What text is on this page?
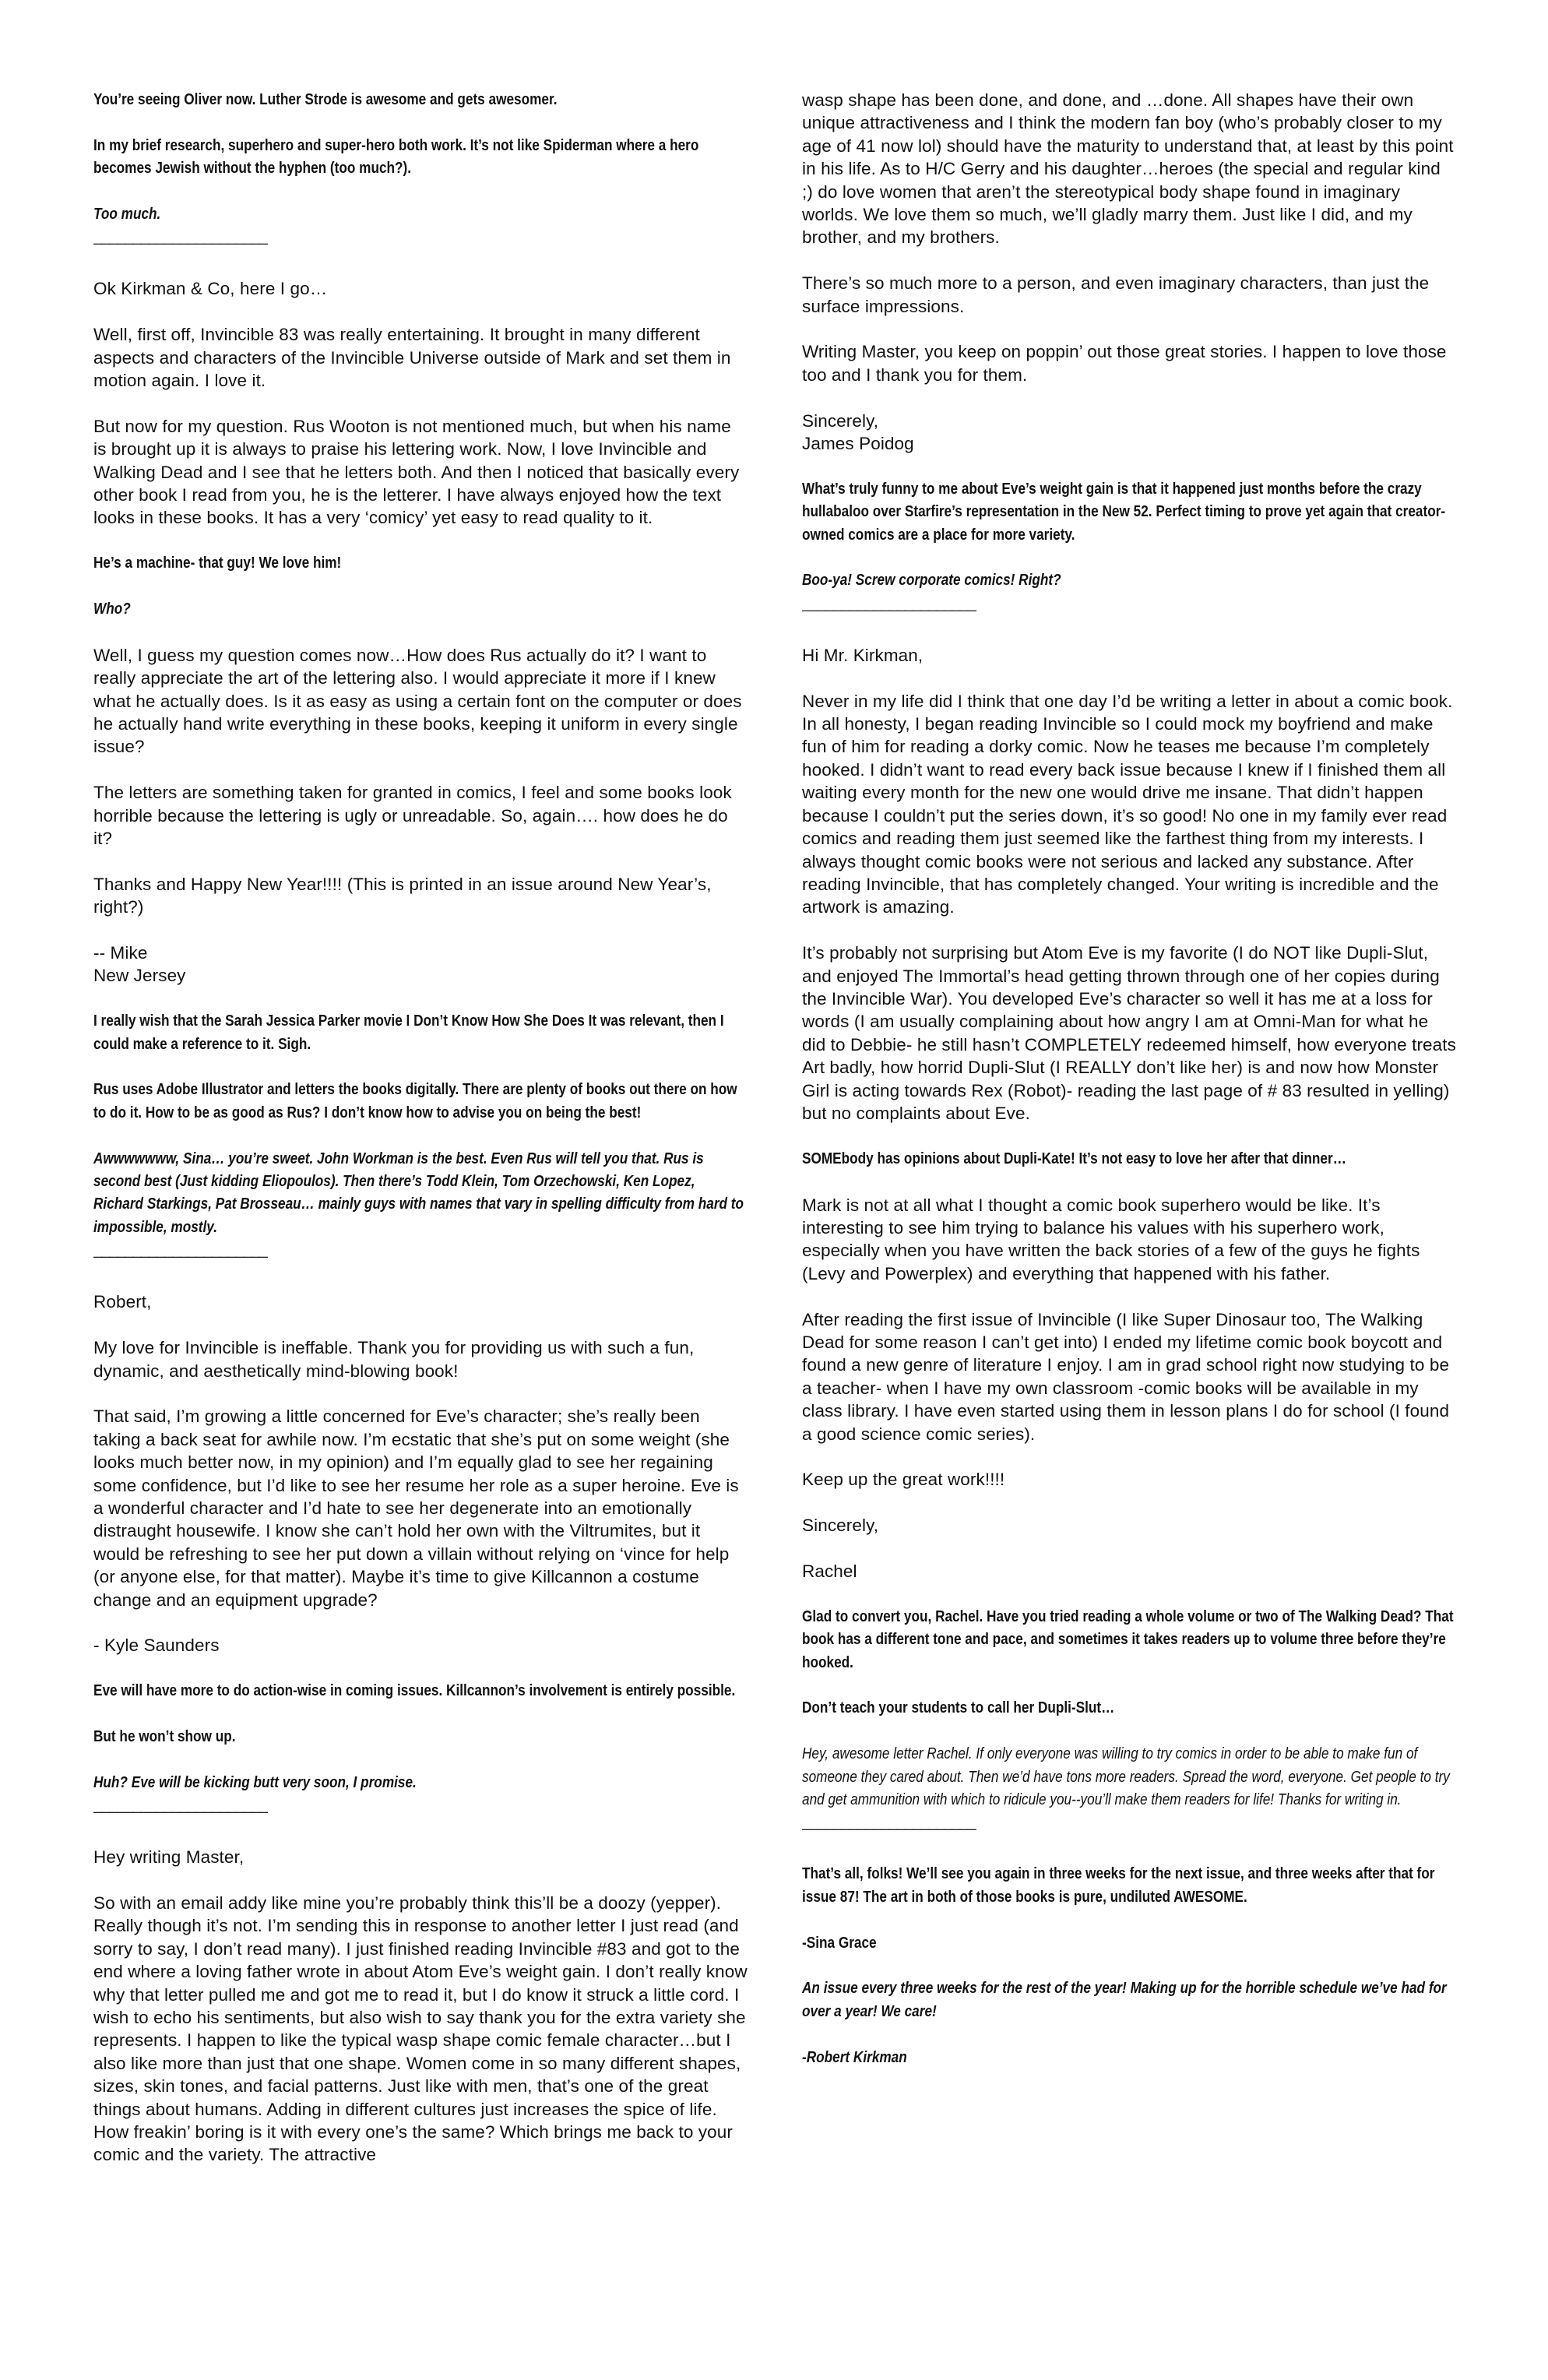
You’re seeing Oliver now. Luther Strode is awesome and gets awesomer.

In my brief research, superhero and super-hero both work. It’s not like Spiderman where a hero becomes Jewish without the hyphen (too much?).

Too much.

______________________

Ok Kirkman & Co, here I go…

Well, first off, Invincible 83 was really entertaining. It brought in many different aspects and characters of the Invincible Universe outside of Mark and set them in motion again. I love it.

But now for my question. Rus Wooton is not mentioned much, but when his name is brought up it is always to praise his lettering work. Now, I love Invincible and Walking Dead and I see that he letters both. And then I noticed that basically every other book I read from you, he is the letterer. I have always enjoyed how the text looks in these books. It has a very ‘comicy’ yet easy to read quality to it.

He’s a machine- that guy! We love him!

Who?

Well, I guess my question comes now…How does Rus actually do it? I want to really appreciate the art of the lettering also. I would appreciate it more if I knew what he actually does. Is it as easy as using a certain font on the computer or does he actually hand write everything in these books, keeping it uniform in every single issue?

The letters are something taken for granted in comics, I feel and some books look horrible because the lettering is ugly or unreadable. So, again…. how does he do it?

Thanks and Happy New Year!!!! (This is printed in an issue around New Year’s, right?)

-- Mike
New Jersey

I really wish that the Sarah Jessica Parker movie I Don’t Know How She Does It was relevant, then I could make a reference to it. Sigh.

Rus uses Adobe Illustrator and letters the books digitally. There are plenty of books out there on how to do it. How to be as good as Rus? I don’t know how to advise you on being the best!

Awwwwwww, Sina… you’re sweet. John Workman is the best. Even Rus will tell you that. Rus is second best (Just kidding Eliopoulos). Then there’s Todd Klein, Tom Orzechowski, Ken Lopez, Richard Starkings, Pat Brosseau… mainly guys with names that vary in spelling difficulty from hard to impossible, mostly.

______________________

Robert,

My love for Invincible is ineffable. Thank you for providing us with such a fun, dynamic, and aesthetically mind-blowing book!

That said, I’m growing a little concerned for Eve’s character; she’s really been taking a back seat for awhile now. I’m ecstatic that she’s put on some weight (she looks much better now, in my opinion) and I’m equally glad to see her regaining some confidence, but I’d like to see her resume her role as a super heroine. Eve is a wonderful character and I’d hate to see her degenerate into an emotionally distraught housewife. I know she can’t hold her own with the Viltrumites, but it would be refreshing to see her put down a villain without relying on ‘vince for help (or anyone else, for that matter). Maybe it’s time to give Killcannon a costume change and an equipment upgrade?

- Kyle Saunders

Eve will have more to do action-wise in coming issues. Killcannon’s involvement is entirely possible.

But he won’t show up.

Huh? Eve will be kicking butt very soon, I promise.

______________________

Hey writing Master,

So with an email addy like mine you’re probably think this’ll be a doozy (yepper). Really though it’s not. I’m sending this in response to another letter I just read (and sorry to say, I don’t read many). I just finished reading Invincible #83 and got to the end where a loving father wrote in about Atom Eve’s weight gain. I don’t really know why that letter pulled me and got me to read it, but I do know it struck a little cord. I wish to echo his sentiments, but also wish to say thank you for the extra variety she represents. I happen to like the typical wasp shape comic female character…but I also like more than just that one shape. Women come in so many different shapes, sizes, skin tones, and facial patterns. Just like with men, that’s one of the great things about humans. Adding in different cultures just increases the spice of life. How freakin’ boring is it with every one’s the same? Which brings me back to your comic and the variety. The attractive

wasp shape has been done, and done, and …done. All shapes have their own unique attractiveness and I think the modern fan boy (who’s probably closer to my age of 41 now lol) should have the maturity to understand that, at least by this point in his life. As to H/C Gerry and his daughter…heroes (the special and regular kind ;) do love women that aren’t the stereotypical body shape found in imaginary worlds. We love them so much, we’ll gladly marry them. Just like I did, and my brother, and my brothers.

There’s so much more to a person, and even imaginary characters, than just the surface impressions.

Writing Master, you keep on poppin’ out those great stories. I happen to love those too and I thank you for them.

Sincerely,
James Poidog

What’s truly funny to me about Eve’s weight gain is that it happened just months before the crazy hullabaloo over Starfire’s representation in the New 52. Perfect timing to prove yet again that creator-owned comics are a place for more variety.

Boo-ya! Screw corporate comics! Right?

______________________

Hi Mr. Kirkman,

Never in my life did I think that one day I’d be writing a letter in about a comic book. In all honesty, I began reading Invincible so I could mock my boyfriend and make fun of him for reading a dorky comic. Now he teases me because I’m completely hooked. I didn’t want to read every back issue because I knew if I finished them all waiting every month for the new one would drive me insane. That didn’t happen because I couldn’t put the series down, it’s so good! No one in my family ever read comics and reading them just seemed like the farthest thing from my interests. I always thought comic books were not serious and lacked any substance. After reading Invincible, that has completely changed. Your writing is incredible and the artwork is amazing.

It’s probably not surprising but Atom Eve is my favorite (I do NOT like Dupli-Slut, and enjoyed The Immortal’s head getting thrown through one of her copies during the Invincible War). You developed Eve’s character so well it has me at a loss for words (I am usually complaining about how angry I am at Omni-Man for what he did to Debbie- he still hasn’t COMPLETELY redeemed himself, how everyone treats Art badly, how horrid Dupli-Slut (I REALLY don’t like her) is and now how Monster Girl is acting towards Rex (Robot)- reading the last page of # 83 resulted in yelling) but no complaints about Eve.

SOMEbody has opinions about Dupli-Kate! It’s not easy to love her after that dinner…

Mark is not at all what I thought a comic book superhero would be like. It’s interesting to see him trying to balance his values with his superhero work, especially when you have written the back stories of a few of the guys he fights (Levy and Powerplex) and everything that happened with his father.

After reading the first issue of Invincible (I like Super Dinosaur too, The Walking Dead for some reason I can’t get into) I ended my lifetime comic book boycott and found a new genre of literature I enjoy. I am in grad school right now studying to be a teacher- when I have my own classroom -comic books will be available in my class library. I have even started using them in lesson plans I do for school (I found a good science comic series).

Keep up the great work!!!!

Sincerely,

Rachel

Glad to convert you, Rachel. Have you tried reading a whole volume or two of The Walking Dead? That book has a different tone and pace, and sometimes it takes readers up to volume three before they’re hooked.

Don’t teach your students to call her Dupli-Slut…

Hey, awesome letter Rachel. If only everyone was willing to try comics in order to be able to make fun of someone they cared about. Then we’d have tons more readers. Spread the word, everyone. Get people to try and get ammunition with which to ridicule you--you’ll make them readers for life! Thanks for writing in.

______________________

That’s all, folks! We’ll see you again in three weeks for the next issue, and three weeks after that for issue 87! The art in both of those books is pure, undiluted AWESOME.

-Sina Grace

An issue every three weeks for the rest of the year! Making up for the horrible schedule we’ve had for over a year! We care!

-Robert Kirkman
